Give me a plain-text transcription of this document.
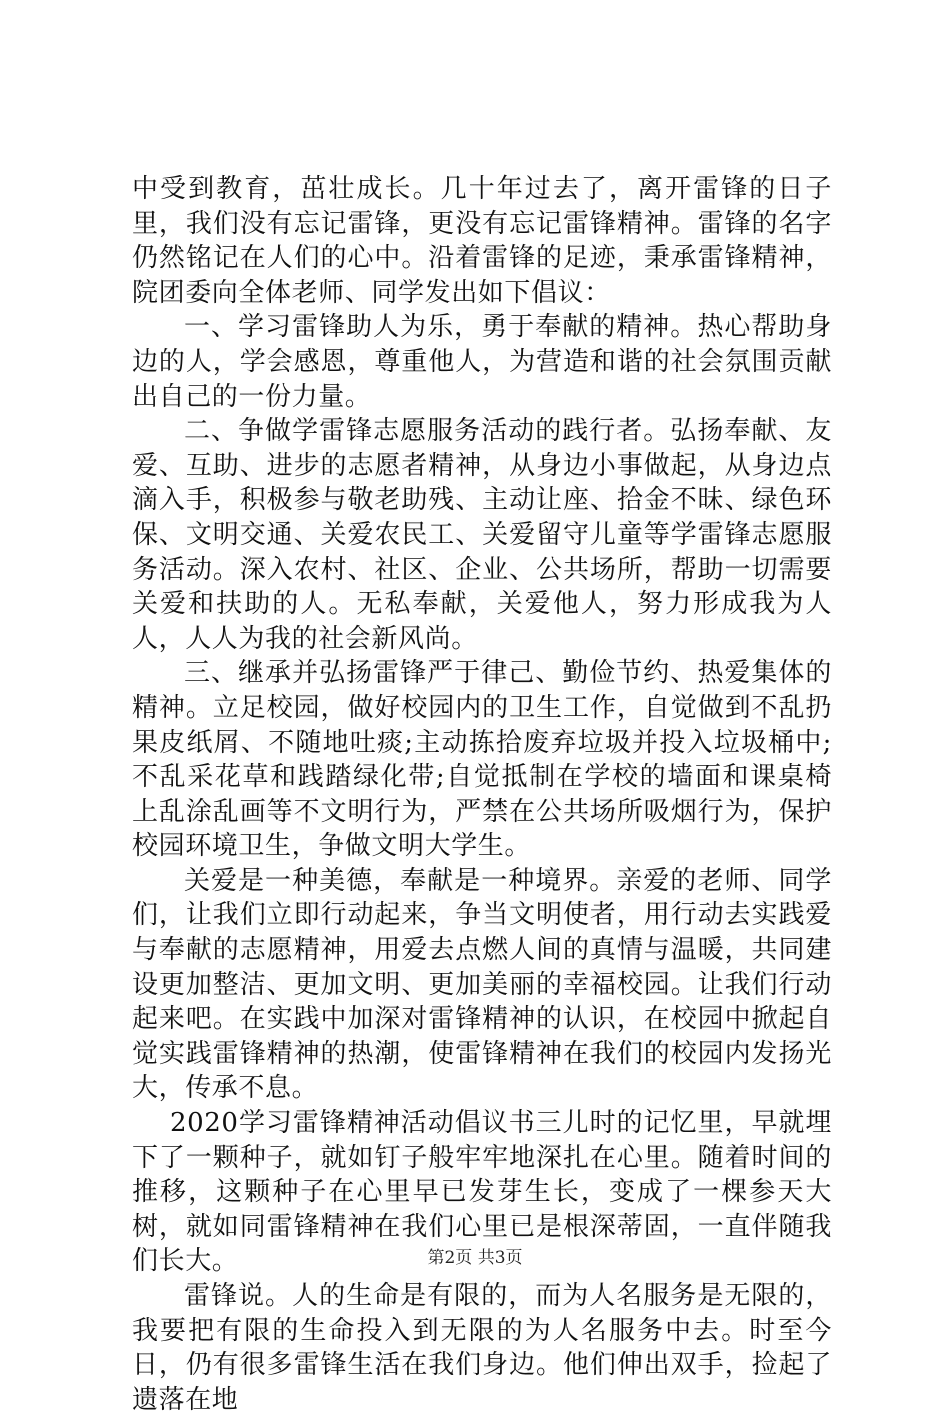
中受到教育，茁壮成长。几十年过去了，离开雷锋的日子里，我们没有忘记雷锋，更没有忘记雷锋精神。雷锋的名字仍然铭记在人们的心中。沿着雷锋的足迹，秉承雷锋精神，院团委向全体老师、同学发出如下倡议：

一、学习雷锋助人为乐，勇于奉献的精神。热心帮助身边的人，学会感恩，尊重他人，为营造和谐的社会氛围贡献出自己的一份力量。

二、争做学雷锋志愿服务活动的践行者。弘扬奉献、友爱、互助、进步的志愿者精神，从身边小事做起，从身边点滴入手，积极参与敬老助残、主动让座、拾金不昧、绿色环保、文明交通、关爱农民工、关爱留守儿童等学雷锋志愿服务活动。深入农村、社区、企业、公共场所，帮助一切需要关爱和扶助的人。无私奉献，关爱他人，努力形成我为人人，人人为我的社会新风尚。

三、继承并弘扬雷锋严于律己、勤俭节约、热爱集体的精神。立足校园，做好校园内的卫生工作，自觉做到不乱扔果皮纸屑、不随地吐痰;主动拣拾废弃垃圾并投入垃圾桶中;不乱采花草和践踏绿化带;自觉抵制在学校的墙面和课桌椅上乱涂乱画等不文明行为，严禁在公共场所吸烟行为，保护校园环境卫生，争做文明大学生。

关爱是一种美德，奉献是一种境界。亲爱的老师、同学们，让我们立即行动起来，争当文明使者，用行动去实践爱与奉献的志愿精神，用爱去点燃人间的真情与温暖，共同建设更加整洁、更加文明、更加美丽的幸福校园。让我们行动起来吧。在实践中加深对雷锋精神的认识，在校园中掀起自觉实践雷锋精神的热潮，使雷锋精神在我们的校园内发扬光大，传承不息。

2020学习雷锋精神活动倡议书三儿时的记忆里，早就埋下了一颗种子，就如钉子般牢牢地深扎在心里。随着时间的推移，这颗种子在心里早已发芽生长，变成了一棵参天大树，就如同雷锋精神在我们心里已是根深蒂固，一直伴随我们长大。

雷锋说。人的生命是有限的，而为人名服务是无限的，我要把有限的生命投入到无限的为人名服务中去。时至今日，仍有很多雷锋生活在我们身边。他们伸出双手，捡起了遗落在地

第2页 共3页
